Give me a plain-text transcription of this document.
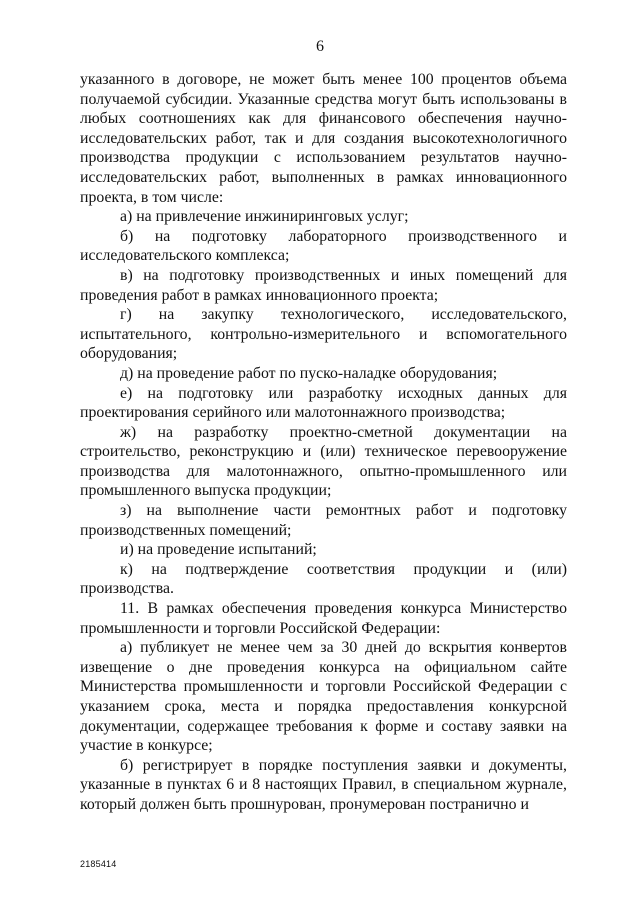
6

указанного в договоре, не может быть менее 100 процентов объема получаемой субсидии. Указанные средства могут быть использованы в любых соотношениях как для финансового обеспечения научно-исследовательских работ, так и для создания высокотехнологичного производства продукции с использованием результатов научно-исследовательских работ, выполненных в рамках инновационного проекта, в том числе:

а) на привлечение инжиниринговых услуг;

б) на подготовку лабораторного производственного и исследовательского комплекса;

в) на подготовку производственных и иных помещений для проведения работ в рамках инновационного проекта;

г) на закупку технологического, исследовательского, испытательного, контрольно-измерительного и вспомогательного оборудования;

д) на проведение работ по пуско-наладке оборудования;

е) на подготовку или разработку исходных данных для проектирования серийного или малотоннажного производства;

ж) на разработку проектно-сметной документации на строительство, реконструкцию и (или) техническое перевооружение производства для малотоннажного, опытно-промышленного или промышленного выпуска продукции;

з) на выполнение части ремонтных работ и подготовку производственных помещений;

и) на проведение испытаний;

к) на подтверждение соответствия продукции и (или) производства.

11. В рамках обеспечения проведения конкурса Министерство промышленности и торговли Российской Федерации:

а) публикует не менее чем за 30 дней до вскрытия конвертов извещение о дне проведения конкурса на официальном сайте Министерства промышленности и торговли Российской Федерации с указанием срока, места и порядка предоставления конкурсной документации, содержащее требования к форме и составу заявки на участие в конкурсе;

б) регистрирует в порядке поступления заявки и документы, указанные в пунктах 6 и 8 настоящих Правил, в специальном журнале, который должен быть прошнурован, пронумерован постранично и

2185414
